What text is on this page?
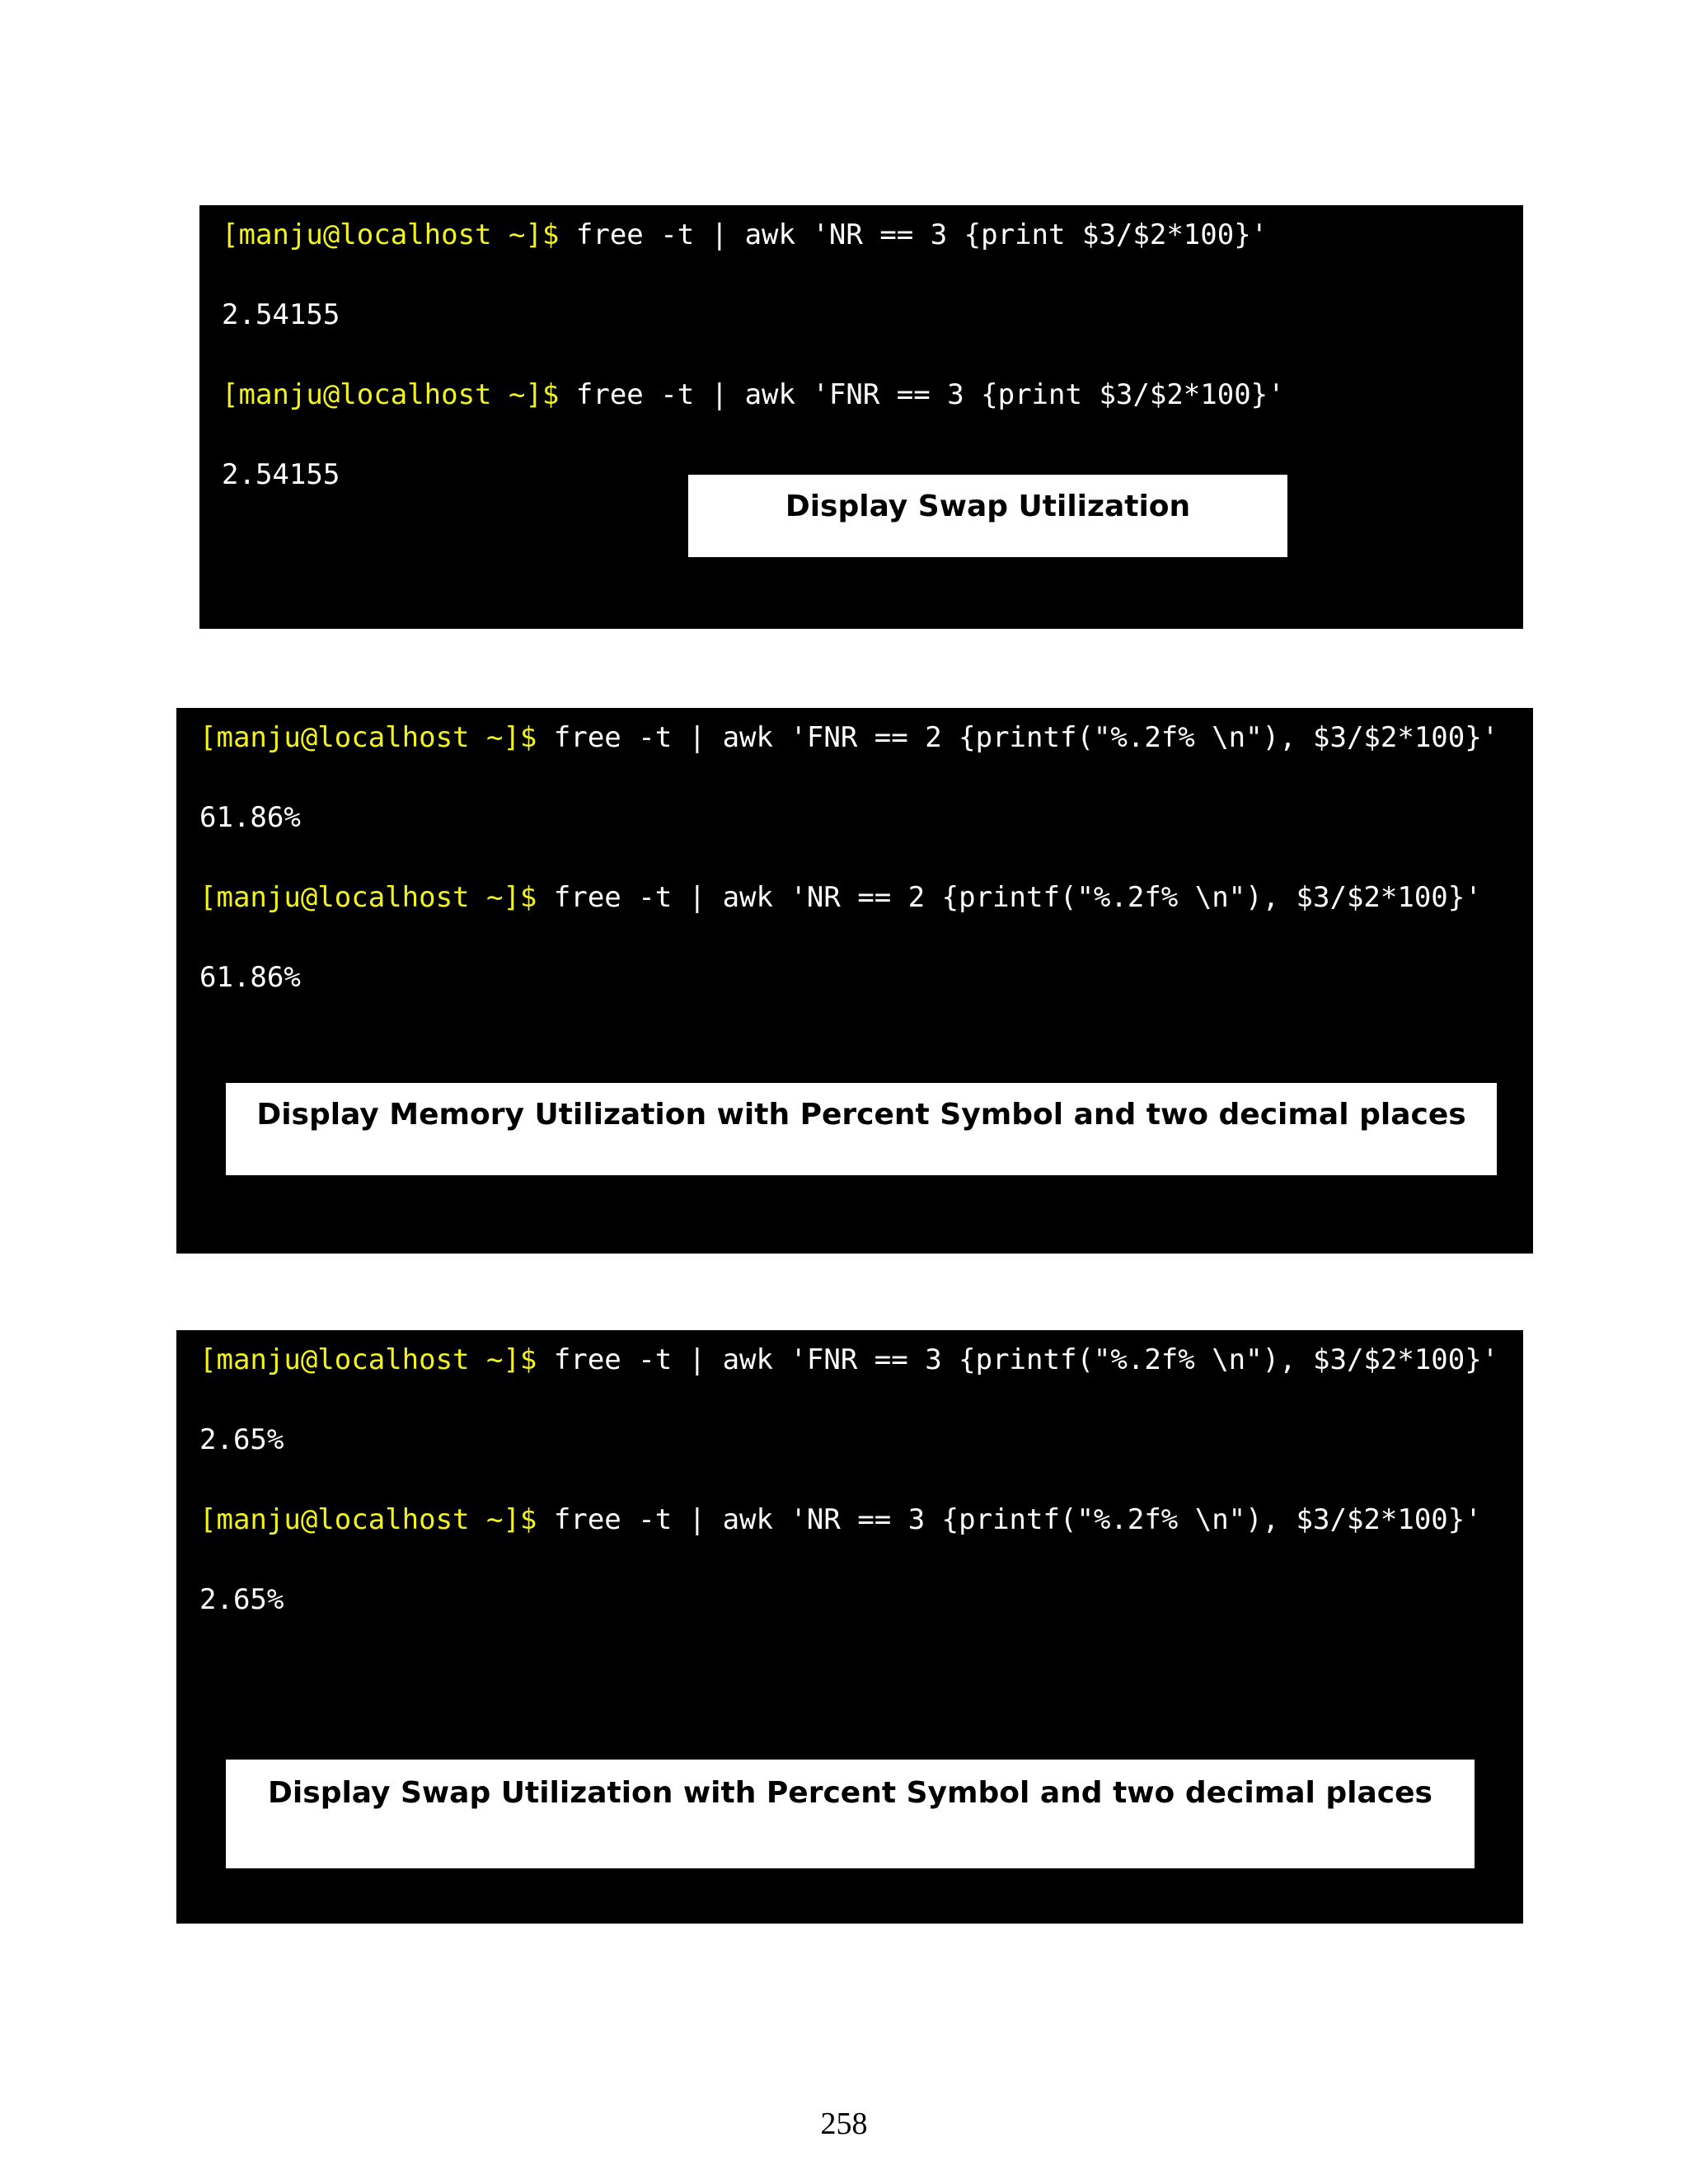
[manju@localhost ~]$ free -t | awk 'NR == 3 {print $3/$2*100}'
2.54155
[manju@localhost ~]$ free -t | awk 'FNR == 3 {print $3/$2*100}'
2.54155
Display Swap Utilization
[manju@localhost ~]$ free -t | awk 'FNR == 2 {printf("%.2f% \n"), $3/$2*100}'
61.86%
[manju@localhost ~]$ free -t | awk 'NR == 2 {printf("%.2f% \n"), $3/$2*100}'
61.86%
Display Memory Utilization with Percent Symbol and two decimal places
[manju@localhost ~]$ free -t | awk 'FNR == 3 {printf("%.2f% \n"), $3/$2*100}'
2.65%
[manju@localhost ~]$ free -t | awk 'NR == 3 {printf("%.2f% \n"), $3/$2*100}'
2.65%
Display Swap Utilization with Percent Symbol and two decimal places
258
